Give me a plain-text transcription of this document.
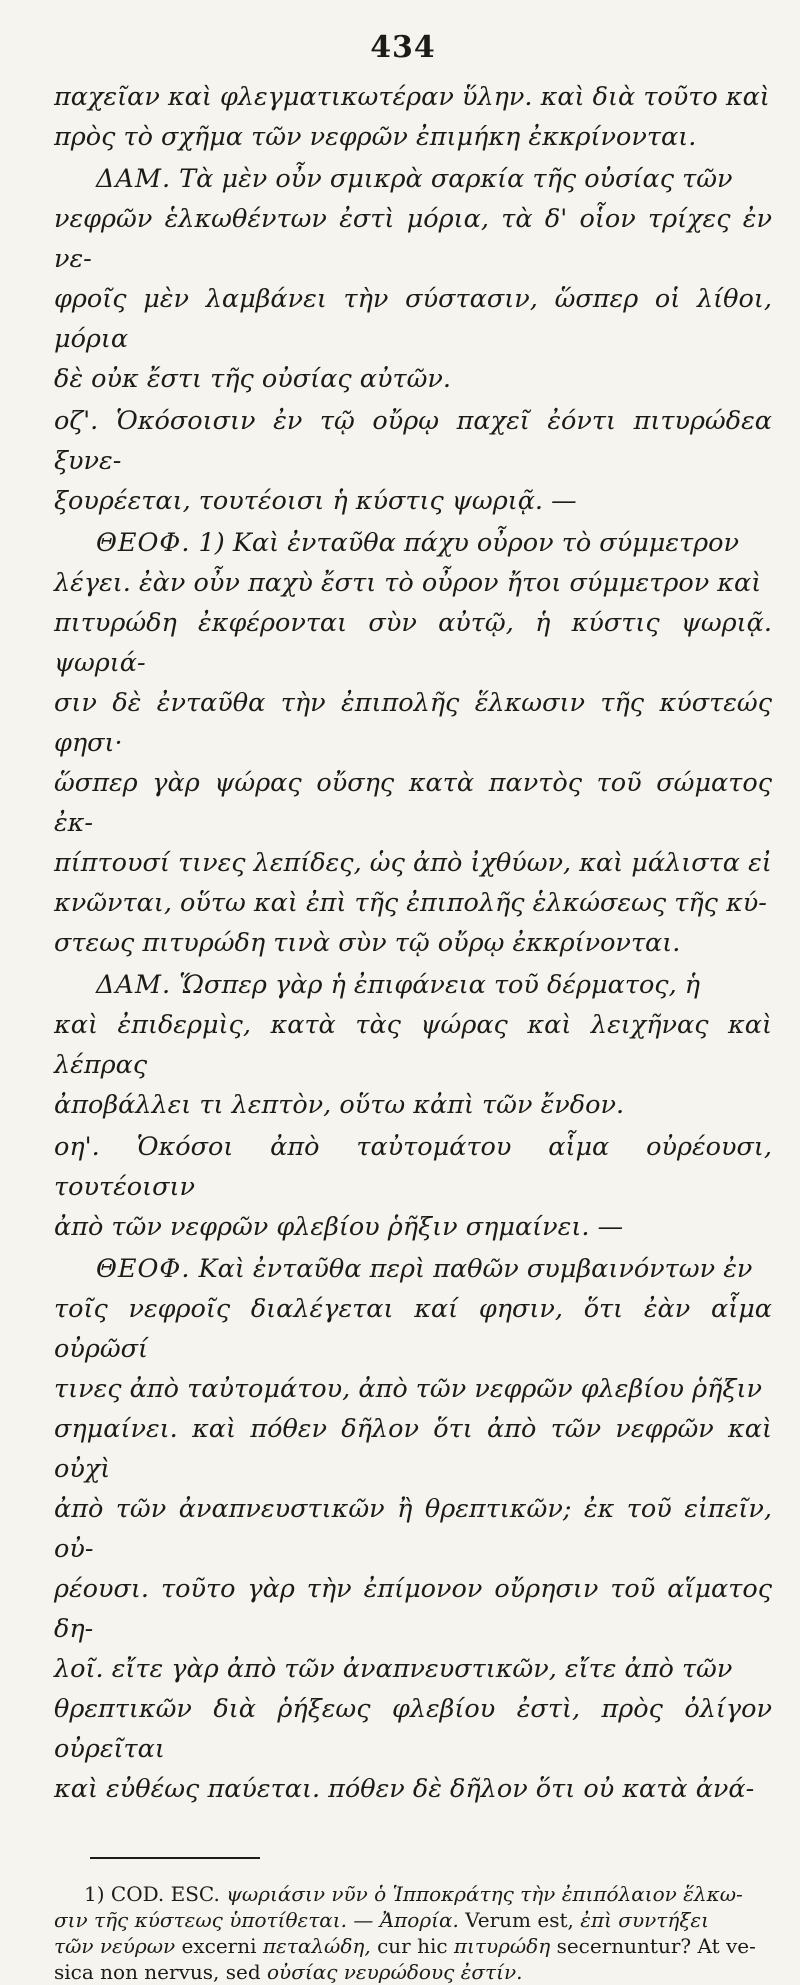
434

παχεῖαν καὶ φλεγματικωτέραν ὕλην. καὶ διὰ τοῦτο καὶ

πρὸς τὸ σχῆμα τῶν νεφρῶν ἐπιμήκη ἐκκρίνονται.

ΔΑΜ. Τὰ μὲν οὖν σμικρὰ σαρκία τῆς οὐσίας τῶν

νεφρῶν ἑλκωθέντων ἐστὶ μόρια, τὰ δ' οἷον τρίχες ἐν νε-

φροῖς μὲν λαμβάνει τὴν σύστασιν, ὥσπερ οἱ λίθοι, μόρια

δὲ οὐκ ἔστι τῆς οὐσίας αὐτῶν.

οζ'. Ὁκόσοισιν ἐν τῷ οὔρῳ παχεῖ ἐόντι πιτυρώδεα ξυνε-

ξουρέεται, τουτέοισι ἡ κύστις ψωριᾷ. —

ΘΕΟΦ. 1) Καὶ ἐνταῦθα πάχυ οὖρον τὸ σύμμετρον

λέγει. ἐὰν οὖν παχὺ ἔστι τὸ οὖρον ἤτοι σύμμετρον καὶ

πιτυρώδη ἐκφέρονται σὺν αὐτῷ, ἡ κύστις ψωριᾷ. ψωριά-

σιν δὲ ἐνταῦθα τὴν ἐπιπολῆς ἕλκωσιν τῆς κύστεώς φησι·

ὥσπερ γὰρ ψώρας οὔσης κατὰ παντὸς τοῦ σώματος ἐκ-

πίπτουσί τινες λεπίδες, ὡς ἀπὸ ἰχθύων, καὶ μάλιστα εἰ

κνῶνται, οὕτω καὶ ἐπὶ τῆς ἐπιπολῆς ἑλκώσεως τῆς κύ-

στεως πιτυρώδη τινὰ σὺν τῷ οὔρῳ ἐκκρίνονται.

ΔΑΜ. Ὥσπερ γὰρ ἡ ἐπιφάνεια τοῦ δέρματος, ἡ

καὶ ἐπιδερμὶς, κατὰ τὰς ψώρας καὶ λειχῆνας καὶ λέπρας

ἀποβάλλει τι λεπτὸν, οὕτω κἀπὶ τῶν ἔνδον.

οη'. Ὁκόσοι ἀπὸ ταὐτομάτου αἷμα οὐρέουσι, τουτέοισιν

ἀπὸ τῶν νεφρῶν φλεβίου ῥῆξιν σημαίνει. —

ΘΕΟΦ. Καὶ ἐνταῦθα περὶ παθῶν συμβαινόντων ἐν

τοῖς νεφροῖς διαλέγεται καί φησιν, ὅτι ἐὰν αἷμα οὐρῶσί

τινες ἀπὸ ταὐτομάτου, ἀπὸ τῶν νεφρῶν φλεβίου ῥῆξιν

σημαίνει. καὶ πόθεν δῆλον ὅτι ἀπὸ τῶν νεφρῶν καὶ οὐχὶ

ἀπὸ τῶν ἀναπνευστικῶν ἢ θρεπτικῶν; ἐκ τοῦ εἰπεῖν, οὐ-

ρέουσι. τοῦτο γὰρ τὴν ἐπίμονον οὔρησιν τοῦ αἵματος δη-

λοῖ. εἴτε γὰρ ἀπὸ τῶν ἀναπνευστικῶν, εἴτε ἀπὸ τῶν

θρεπτικῶν διὰ ῥήξεως φλεβίου ἐστὶ, πρὸς ὀλίγον οὐρεῖται

καὶ εὐθέως παύεται. πόθεν δὲ δῆλον ὅτι οὐ κατὰ ἀνά-

1) COD. ESC. ψωριάσιν νῦν ὁ Ἱπποκράτης τὴν ἐπιπόλαιον ἕλκω-

σιν τῆς κύστεως ὑποτίθεται. — Ἀπορία. Verum est, ἐπὶ συντήξει

τῶν νεύρων excerni πεταλώδη, cur hic πιτυρώδη secernuntur? At ve-

sica non nervus, sed οὐσίας νευρώδους ἐστίν.
